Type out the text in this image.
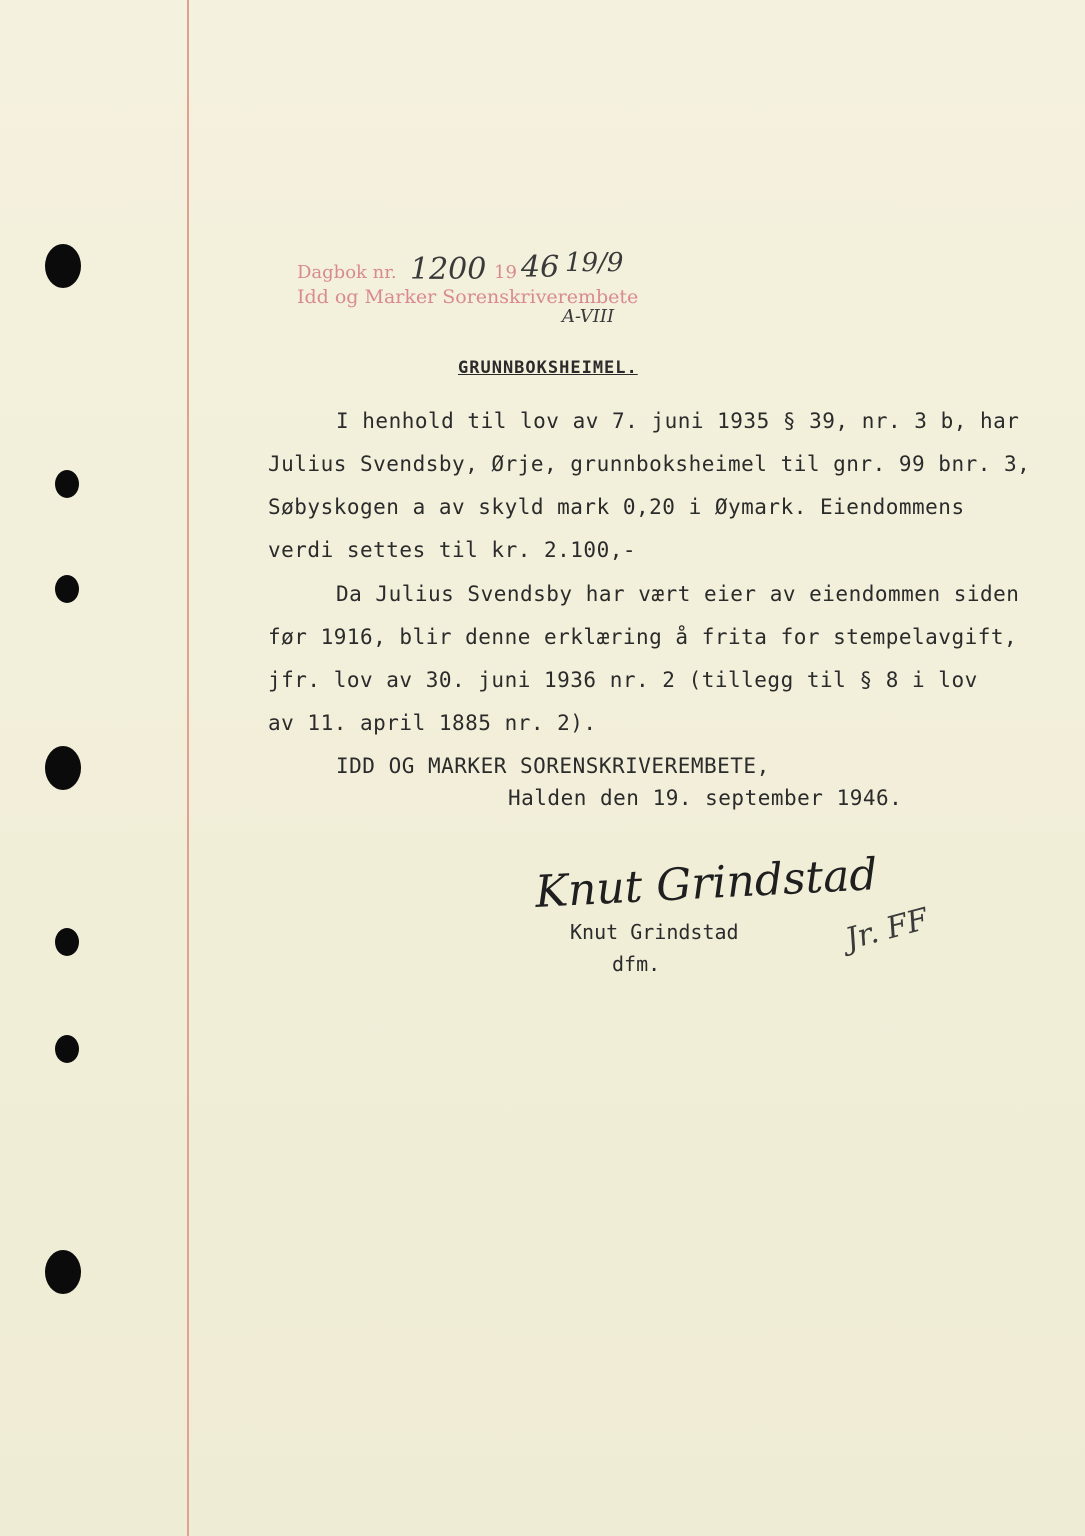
Dagbok nr. 1200 19 46 19/9
Idd og Marker Sorenskriverembete
A-VIII
GRUNNBOKSHEIMEL.
I henhold til lov av 7. juni 1935 § 39, nr. 3 b, har
Julius Svendsby, Ørje, grunnboksheimel til gnr. 99 bnr. 3,
Søbyskogen a av skyld mark 0,20 i Øymark. Eiendommens
verdi settes til kr. 2.100,-
Da Julius Svendsby har vært eier av eiendommen siden
før 1916, blir denne erklæring å frita for stempelavgift,
jfr. lov av 30. juni 1936 nr. 2 (tillegg til § 8 i lov
av 11. april 1885 nr. 2).
IDD OG MARKER SORENSKRIVEREMBETE,
Halden den 19. september 1946.
Knut Grindstad
Knut Grindstad
dfm.
Jr. FF
